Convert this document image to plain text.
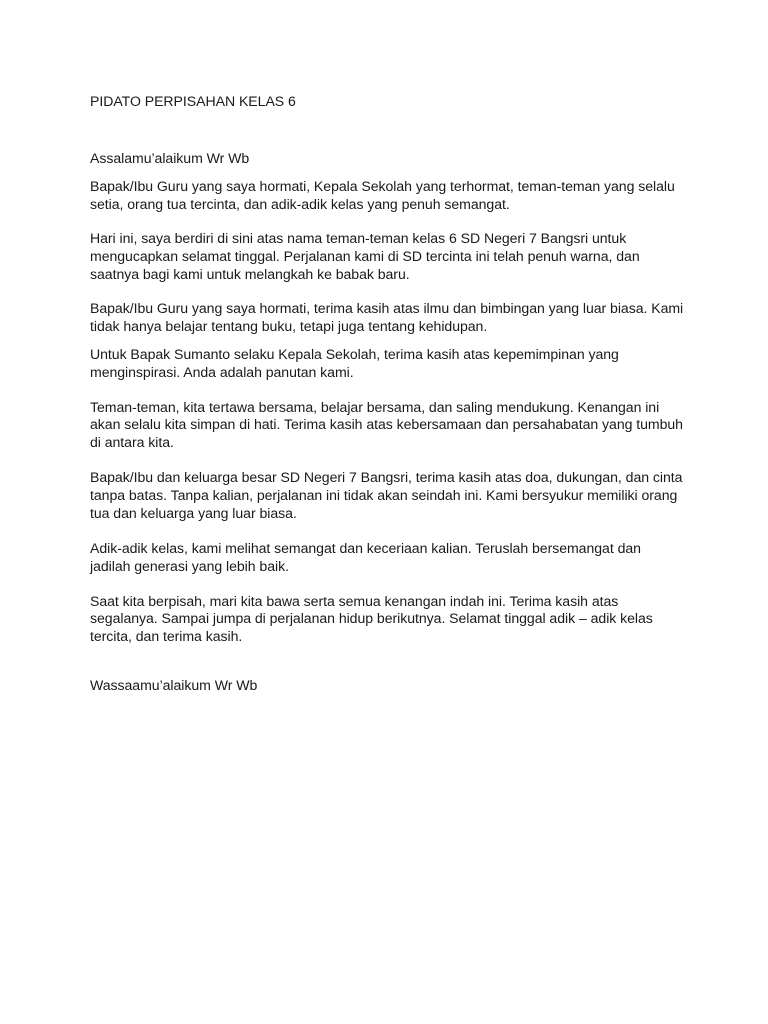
PIDATO PERPISAHAN KELAS 6
Assalamu’alaikum Wr Wb
Bapak/Ibu Guru yang saya hormati, Kepala Sekolah yang terhormat, teman-teman yang selalu
setia, orang tua tercinta, dan adik-adik kelas yang penuh semangat.
Hari ini, saya berdiri di sini atas nama teman-teman kelas 6 SD Negeri 7 Bangsri untuk
mengucapkan selamat tinggal. Perjalanan kami di SD tercinta ini telah penuh warna, dan
saatnya bagi kami untuk melangkah ke babak baru.
Bapak/Ibu Guru yang saya hormati, terima kasih atas ilmu dan bimbingan yang luar biasa. Kami
tidak hanya belajar tentang buku, tetapi juga tentang kehidupan.
Untuk Bapak Sumanto selaku Kepala Sekolah, terima kasih atas kepemimpinan yang
menginspirasi. Anda adalah panutan kami.
Teman-teman, kita tertawa bersama, belajar bersama, dan saling mendukung. Kenangan ini
akan selalu kita simpan di hati. Terima kasih atas kebersamaan dan persahabatan yang tumbuh
di antara kita.
Bapak/Ibu dan keluarga besar SD Negeri 7 Bangsri, terima kasih atas doa, dukungan, dan cinta
tanpa batas. Tanpa kalian, perjalanan ini tidak akan seindah ini. Kami bersyukur memiliki orang
tua dan keluarga yang luar biasa.
Adik-adik kelas, kami melihat semangat dan keceriaan kalian. Teruslah bersemangat dan
jadilah generasi yang lebih baik.
Saat kita berpisah, mari kita bawa serta semua kenangan indah ini. Terima kasih atas
segalanya. Sampai jumpa di perjalanan hidup berikutnya. Selamat tinggal adik – adik kelas
tercita, dan terima kasih.
Wassaamu’alaikum Wr Wb
